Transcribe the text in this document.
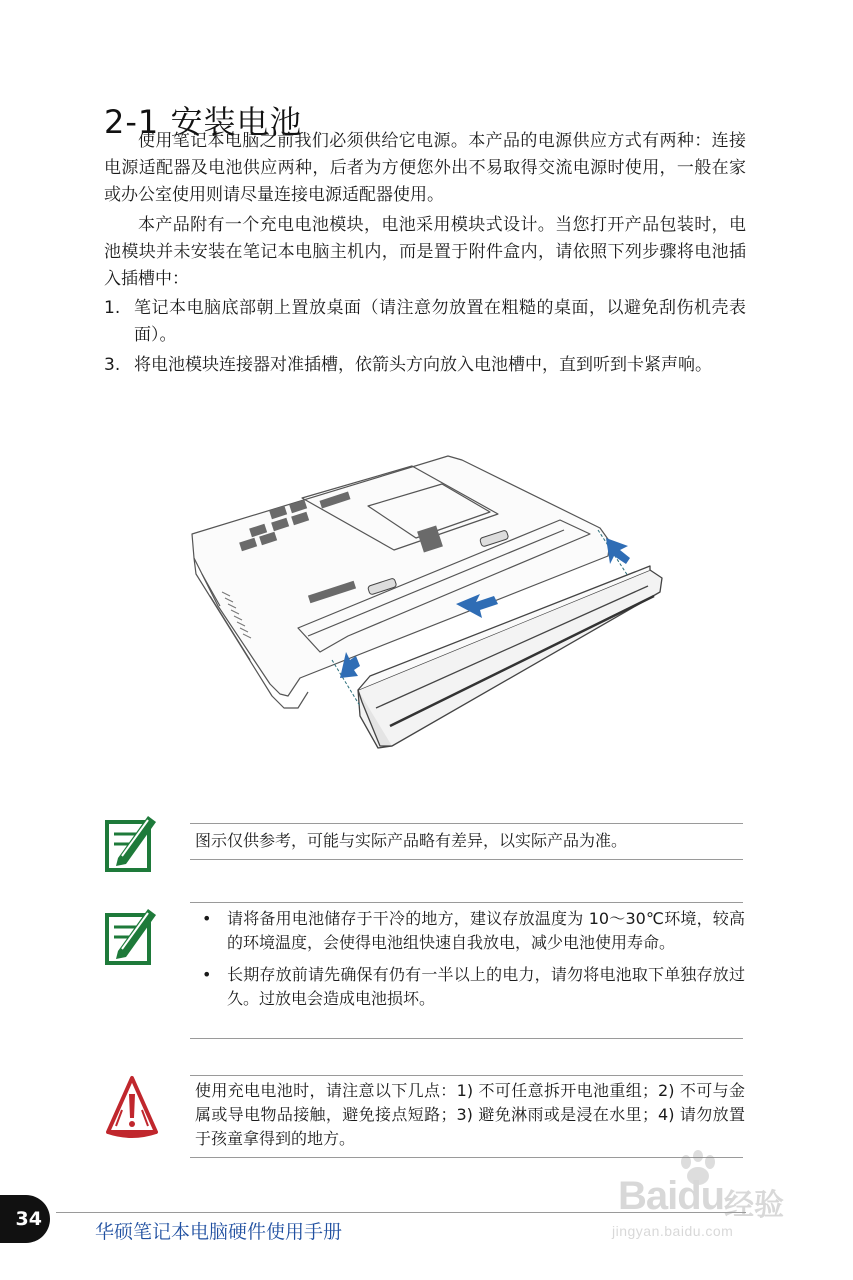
2-1 安装电池

使用笔记本电脑之前我们必须供给它电源。本产品的电源供应方式有两种：连接电源适配器及电池供应两种，后者为方便您外出不易取得交流电源时使用，一般在家或办公室使用则请尽量连接电源适配器使用。

本产品附有一个充电电池模块，电池采用模块式设计。当您打开产品包装时，电池模块并未安装在笔记本电脑主机内，而是置于附件盒内，请依照下列步骤将电池插入插槽中：

1. 笔记本电脑底部朝上置放桌面（请注意勿放置在粗糙的桌面，以避免刮伤机壳表面）。
3. 将电池模块连接器对准插槽，依箭头方向放入电池槽中，直到听到卡紧声响。
图示仅供参考，可能与实际产品略有差异，以实际产品为准。
• 请将备用电池储存于干冷的地方，建议存放温度为 10～30℃环境，较高的环境温度，会使得电池组快速自我放电，减少电池使用寿命。
• 长期存放前请先确保有仍有一半以上的电力，请勿将电池取下单独存放过久。过放电会造成电池损坏。
使用充电电池时，请注意以下几点：1) 不可任意拆开电池重组；2) 不可与金属或导电物品接触，避免接点短路；3) 避免淋雨或是浸在水里；4) 请勿放置于孩童拿得到的地方。
Baidu 经验
jingyan.baidu.com
34
华硕笔记本电脑硬件使用手册
